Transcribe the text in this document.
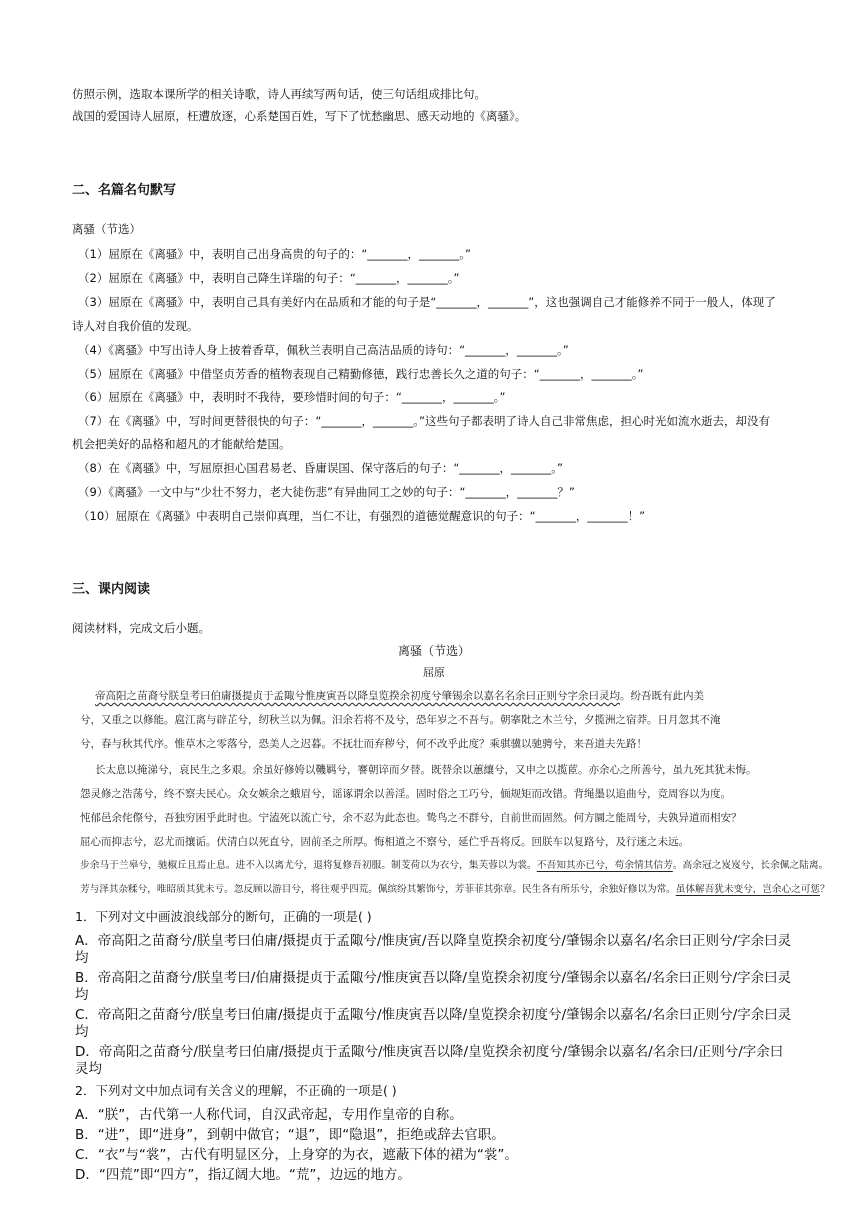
仿照示例，选取本课所学的相关诗歌，诗人再续写两句话，使三句话组成排比句。
战国的爱国诗人屈原，枉遭放逐，心系楚国百姓，写下了忧愁幽思、感天动地的《离骚》。
二、名篇名句默写
离骚（节选）
（1）屈原在《离骚》中，表明自己出身高贵的句子的：“_______，_______。”
（2）屈原在《离骚》中，表明自己降生详瑞的句子：“_______，_______。”
（3）屈原在《离骚》中，表明自己具有美好内在品质和才能的句子是“_______，_______”，这也强调自己才能修养不同于一般人，体现了
诗人对自我价值的发现。
（4）《离骚》中写出诗人身上披着香草，佩秋兰表明自己高洁品质的诗句：“_______，_______。”
（5）屈原在《离骚》中借坚贞芳香的植物表现自己精勤修德，践行忠善长久之道的句子：“_______，_______。”
（6）屈原在《离骚》中，表明时不我待，要珍惜时间的句子：“_______，_______。”
（7）在《离骚》中，写时间更替很快的句子：“_______，_______。”这些句子都表明了诗人自己非常焦虑，担心时光如流水逝去，却没有
机会把美好的品格和超凡的才能献给楚国。
（8）在《离骚》中，写屈原担心国君易老、昏庸误国、保守落后的句子：“_______，_______。”
（9）《离骚》一文中与“少壮不努力，老大徒伤悲”有异曲同工之妙的句子：“_______，_______？”
（10）屈原在《离骚》中表明自己崇仰真理，当仁不让，有强烈的道德觉醒意识的句子：“_______，_______！”
三、课内阅读
阅读材料，完成文后小题。
离骚（节选）
屈原
帝高阳之苗裔兮朕皇考曰伯庸摄提贞于孟陬兮惟庚寅吾以降皇览揆余初度兮肇锡余以嘉名名余曰正则兮字余曰灵均。纷吾既有此内美
兮，又重之以修能。扈江离与辟芷兮，纫秋兰以为佩。汨余若将不及兮，恐年岁之不吾与。朝搴阰之木兰兮，夕揽洲之宿莽。日月忽其不淹
兮，春与秋其代序。惟草木之零落兮，恐美人之迟暮。不抚壮而弃秽兮，何不改乎此度？乘骐骥以驰骋兮，来吾道夫先路！
长太息以掩涕兮，哀民生之多艰。余虽好修姱以鞿羁兮，謇朝谇而夕替。既替余以蕙纕兮，又申之以揽茝。亦余心之所善兮，虽九死其犹未悔。
怨灵修之浩荡兮，终不察夫民心。众女嫉余之蛾眉兮，谣诼谓余以善淫。固时俗之工巧兮，偭规矩而改错。背绳墨以追曲兮，竞周容以为度。
忳郁邑余侘傺兮，吾独穷困乎此时也。宁溘死以流亡兮，余不忍为此态也。鸷鸟之不群兮，自前世而固然。何方圜之能周兮，夫孰异道而相安？
屈心而抑志兮，忍尤而攘诟。伏清白以死直兮，固前圣之所厚。悔相道之不察兮，延伫乎吾将反。回朕车以复路兮，及行迷之未远。
步余马于兰皋兮，驰椒丘且焉止息。进不入以离尤兮，退将复修吾初服。制芰荷以为衣兮，集芙蓉以为裳。不吾知其亦已兮，苟余情其信芳。高余冠之岌岌兮，长余佩之陆离。
芳与泽其杂糅兮，唯昭质其犹未亏。忽反顾以游目兮，将往观乎四荒。佩缤纷其繁饰兮，芳菲菲其弥章。民生各有所乐兮，余独好修以为常。虽体解吾犹未变兮，岂余心之可惩？
1．下列对文中画波浪线部分的断句，正确的一项是( )
A．帝高阳之苗裔兮/朕皇考曰伯庸/摄提贞于孟陬兮/惟庚寅/吾以降皇览揆余初度兮/肇锡余以嘉名/名余曰正则兮/字余曰灵
均
B．帝高阳之苗裔兮/朕皇考曰/伯庸摄提贞于孟陬兮/惟庚寅吾以降/皇览揆余初度兮/肇锡余以嘉名/名余曰正则兮/字余曰灵
均
C．帝高阳之苗裔兮/朕皇考曰伯庸/摄提贞于孟陬兮/惟庚寅吾以降/皇览揆余初度兮/肇锡余以嘉名/名余曰正则兮/字余曰灵
均
D．帝高阳之苗裔兮/朕皇考曰伯庸/摄提贞于孟陬兮/惟庚寅吾以降/皇览揆余初度兮/肇锡余以嘉名/名余曰/正则兮/字余曰
灵均
2．下列对文中加点词有关含义的理解，不正确的一项是( )
A．“朕”，古代第一人称代词，自汉武帝起，专用作皇帝的自称。
B．“进”，即“进身”，到朝中做官；“退”，即“隐退”，拒绝或辞去官职。
C．“衣”与“裳”，古代有明显区分，上身穿的为衣，遮蔽下体的裙为“裳”。
D．“四荒”即“四方”，指辽阔大地。“荒”，边远的地方。
